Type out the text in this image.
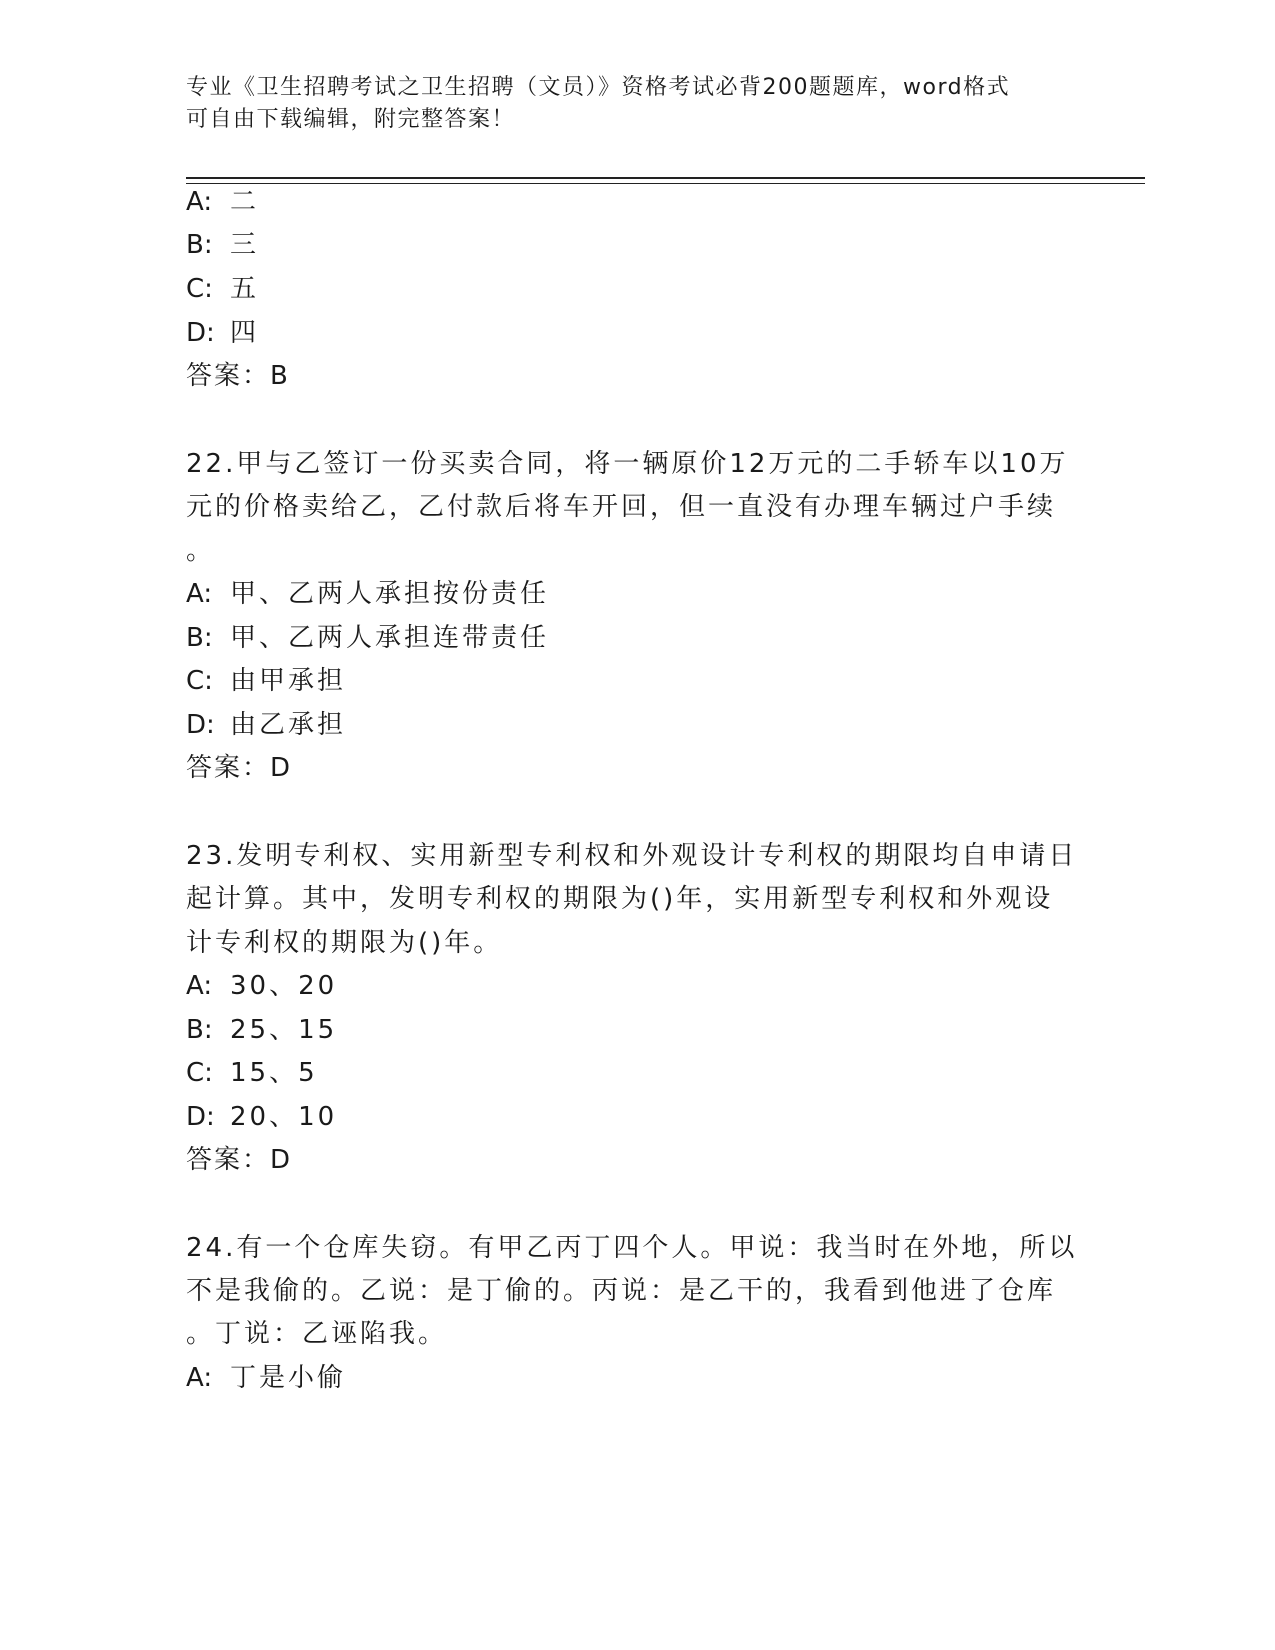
专业《卫生招聘考试之卫生招聘（文员）》资格考试必背200题题库，word格式
可自由下载编辑，附完整答案！
A: 二
B: 三
C: 五
D: 四
答案：B
22.甲与乙签订一份买卖合同，将一辆原价12万元的二手轿车以10万
元的价格卖给乙，乙付款后将车开回，但一直没有办理车辆过户手续
。
A: 甲、乙两人承担按份责任
B: 甲、乙两人承担连带责任
C: 由甲承担
D: 由乙承担
答案：D
23.发明专利权、实用新型专利权和外观设计专利权的期限均自申请日
起计算。其中，发明专利权的期限为()年，实用新型专利权和外观设
计专利权的期限为()年。
A: 30、20
B: 25、15
C: 15、5
D: 20、10
答案：D
24.有一个仓库失窃。有甲乙丙丁四个人。甲说：我当时在外地，所以
不是我偷的。乙说：是丁偷的。丙说：是乙干的，我看到他进了仓库
。丁说：乙诬陷我。
A: 丁是小偷
